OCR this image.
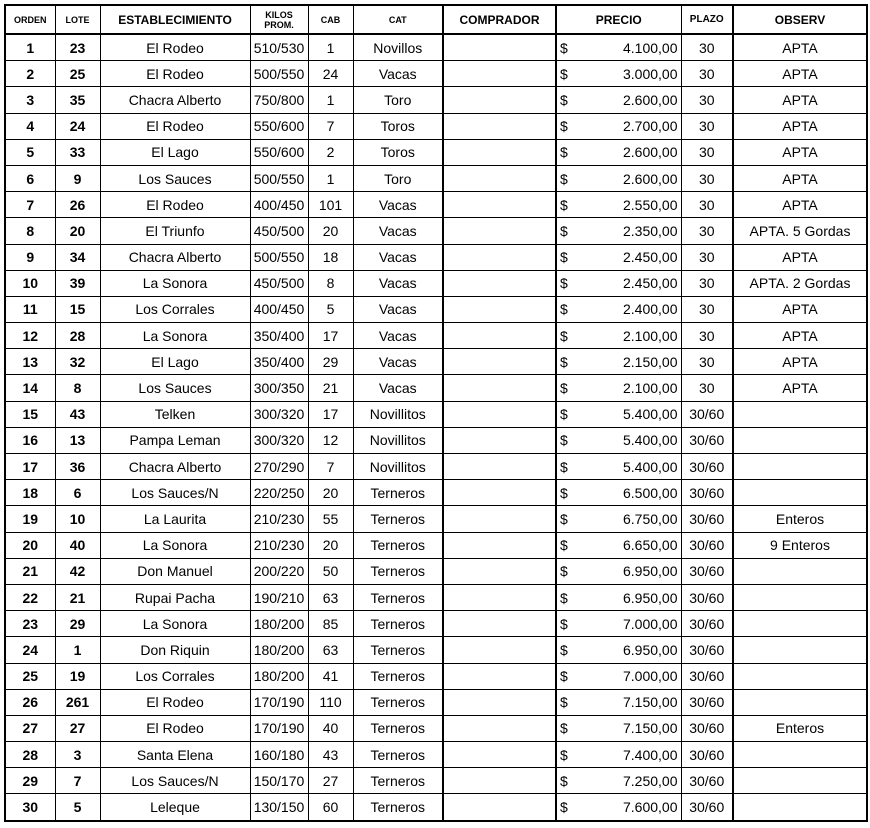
ORDEN	LOTE	ESTABLECIMIENTO	KILOS PROM.	CAB	CAT	COMPRADOR	PRECIO	PLAZO	OBSERV
1	23	El Rodeo	510/530	1	Novillos		$ 4.100,00	30	APTA
2	25	El Rodeo	500/550	24	Vacas		$ 3.000,00	30	APTA
3	35	Chacra Alberto	750/800	1	Toro		$ 2.600,00	30	APTA
4	24	El Rodeo	550/600	7	Toros		$ 2.700,00	30	APTA
5	33	El Lago	550/600	2	Toros		$ 2.600,00	30	APTA
6	9	Los Sauces	500/550	1	Toro		$ 2.600,00	30	APTA
7	26	El Rodeo	400/450	101	Vacas		$ 2.550,00	30	APTA
8	20	El Triunfo	450/500	20	Vacas		$ 2.350,00	30	APTA. 5 Gordas
9	34	Chacra Alberto	500/550	18	Vacas		$ 2.450,00	30	APTA
10	39	La Sonora	450/500	8	Vacas		$ 2.450,00	30	APTA. 2 Gordas
11	15	Los Corrales	400/450	5	Vacas		$ 2.400,00	30	APTA
12	28	La Sonora	350/400	17	Vacas		$ 2.100,00	30	APTA
13	32	El Lago	350/400	29	Vacas		$ 2.150,00	30	APTA
14	8	Los Sauces	300/350	21	Vacas		$ 2.100,00	30	APTA
15	43	Telken	300/320	17	Novillitos		$ 5.400,00	30/60	
16	13	Pampa Leman	300/320	12	Novillitos		$ 5.400,00	30/60	
17	36	Chacra Alberto	270/290	7	Novillitos		$ 5.400,00	30/60	
18	6	Los Sauces/N	220/250	20	Terneros		$ 6.500,00	30/60	
19	10	La Laurita	210/230	55	Terneros		$ 6.750,00	30/60	Enteros
20	40	La Sonora	210/230	20	Terneros		$ 6.650,00	30/60	9 Enteros
21	42	Don Manuel	200/220	50	Terneros		$ 6.950,00	30/60	
22	21	Rupai Pacha	190/210	63	Terneros		$ 6.950,00	30/60	
23	29	La Sonora	180/200	85	Terneros		$ 7.000,00	30/60	
24	1	Don Riquin	180/200	63	Terneros		$ 6.950,00	30/60	
25	19	Los Corrales	180/200	41	Terneros		$ 7.000,00	30/60	
26	261	El Rodeo	170/190	110	Terneros		$ 7.150,00	30/60	
27	27	El Rodeo	170/190	40	Terneros		$ 7.150,00	30/60	Enteros
28	3	Santa Elena	160/180	43	Terneros		$ 7.400,00	30/60	
29	7	Los Sauces/N	150/170	27	Terneros		$ 7.250,00	30/60	
30	5	Leleque	130/150	60	Terneros		$ 7.600,00	30/60	
